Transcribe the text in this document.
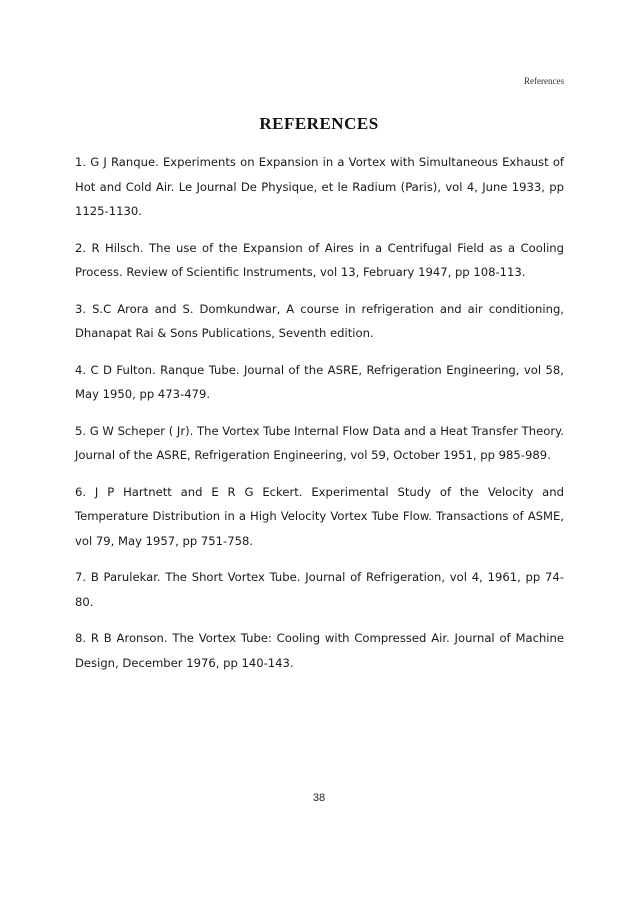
References
REFERENCES

1. G J Ranque. Experiments on Expansion in a Vortex with Simultaneous Exhaust of Hot and Cold Air. Le Journal De Physique, et le Radium (Paris), vol 4, June 1933, pp 1125-1130.

2. R Hilsch. The use of the Expansion of Aires in a Centrifugal Field as a Cooling Process. Review of Scientific Instruments, vol 13, February 1947, pp 108-113.

3. S.C Arora and S. Domkundwar, A course in refrigeration and air conditioning, Dhanapat Rai & Sons Publications, Seventh edition.

4. C D Fulton. Ranque Tube. Journal of the ASRE, Refrigeration Engineering, vol 58, May 1950, pp 473-479.

5. G W Scheper ( Jr). The Vortex Tube Internal Flow Data and a Heat Transfer Theory. Journal of the ASRE, Refrigeration Engineering, vol 59, October 1951, pp 985-989.

6. J P Hartnett and E R G Eckert. Experimental Study of the Velocity and Temperature Distribution in a High Velocity Vortex Tube Flow. Transactions of ASME, vol 79, May 1957, pp 751-758.

7. B Parulekar. The Short Vortex Tube. Journal of Refrigeration, vol 4, 1961, pp 74-80.

8. R B Aronson. The Vortex Tube: Cooling with Compressed Air. Journal of Machine Design, December 1976, pp 140-143.

38
